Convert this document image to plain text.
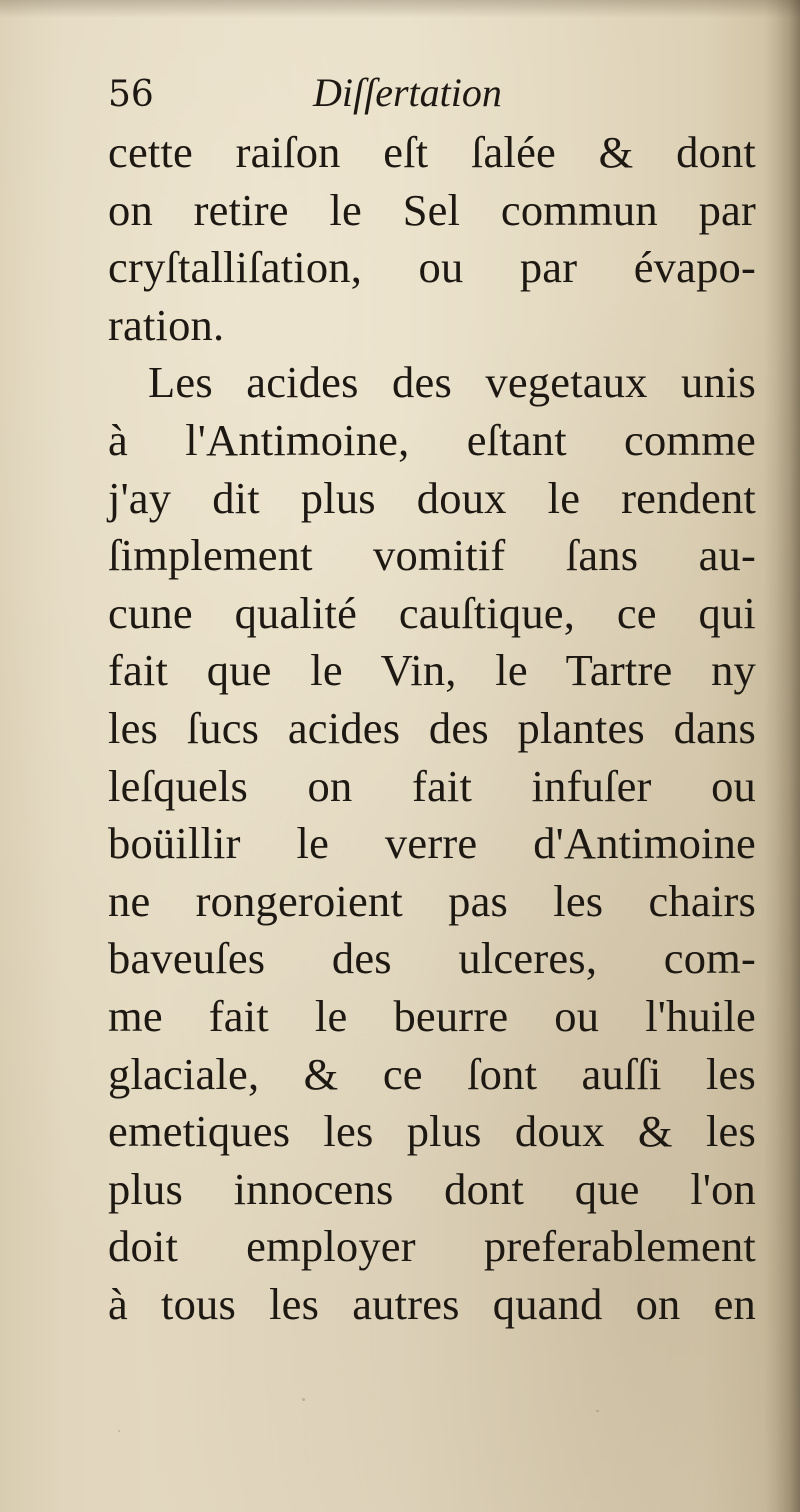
56	Diſſertation
cette raiſon eſt ſalée & dont
on retire le Sel commun par
cryſtalliſation, ou par évapo-
ration.
Les acides des vegetaux unis
à l'Antimoine, eſtant comme
j'ay dit plus doux le rendent
ſimplement vomitif ſans au-
cune qualité cauſtique, ce qui
fait que le Vin, le Tartre ny
les ſucs acides des plantes dans
leſquels on fait infuſer ou
boüillir le verre d'Antimoine
ne rongeroient pas les chairs
baveuſes des ulceres, com-
me fait le beurre ou l'huile
glaciale, & ce ſont auſſi les
emetiques les plus doux & les
plus innocens dont que l'on
doit employer preferablement
à tous les autres quand on en
